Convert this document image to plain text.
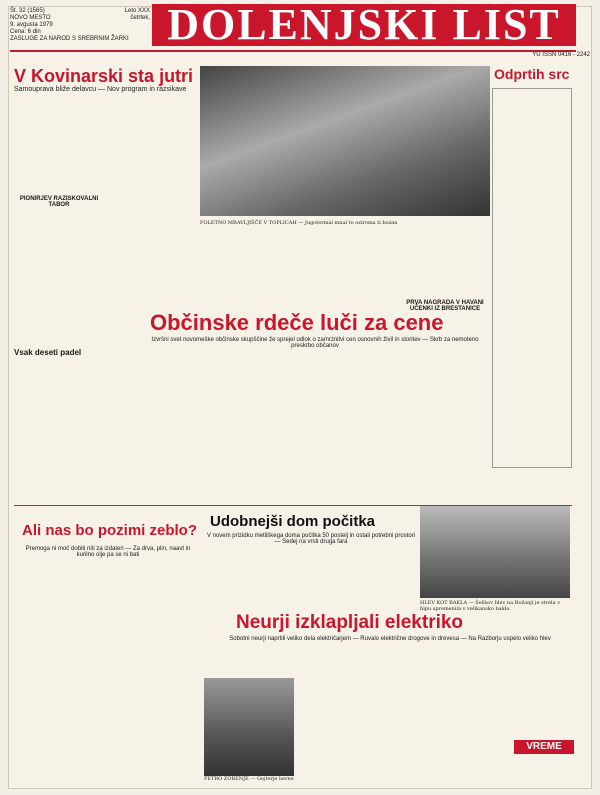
Št. 32 (1565)	Leto XXX
NOVO MESTO	četrtek,
9. avgusta 1979
Cena: 6 din
ZASLUGE ZA NAROD S SREBRNIM ŽARKI DOLENJSKI LIST
YU ISSN 0416 - 2242
V Kovinarski sta jutri
Samouprava bliže delavcu — Nov program in razsikave
FOLETNO MRAVLJIŠČE V TOPLICAH — Jugotermal mnal to oziroma ti bozan
Odprtih src
PIONIRJEV RAZISKOVALNI TABOR
Vsak deseti padel
Občinske rdeče luči za cene
Izvršni svet novomeške občinske skupščine že sprejel odlok o zamrznitvi cen osnovnih živil in storitev — Skrb za nemoteno preskrbo občanov
PRVA NAGRADA V HAVANI UČENKI IZ BRESTANICE
Ali nas bo pozimi zeblo?
Premoga ni moč dobiti niti za izdaten — Za drva, plin, naavt in kurilno olje pa se ni bati
Udobnejši dom počitka
V novem prizidku metliškega doma počitka 50 postelj in ostali potrebni prostori — Sedej na vrsti druga fara
HLEV KOT BAKLA — Šeškov hlev na Rožanji je strela v hipu spremenila v velikansko baklo.
Neurji izklapljali elektriko
Sobotni neurji naprtili veliko dela električarjem — Ruvalo električne drogove in drevesa — Na Razborju uspelo veliko hlev
PETRO ZORENJE — Gejterje berne
VREME
